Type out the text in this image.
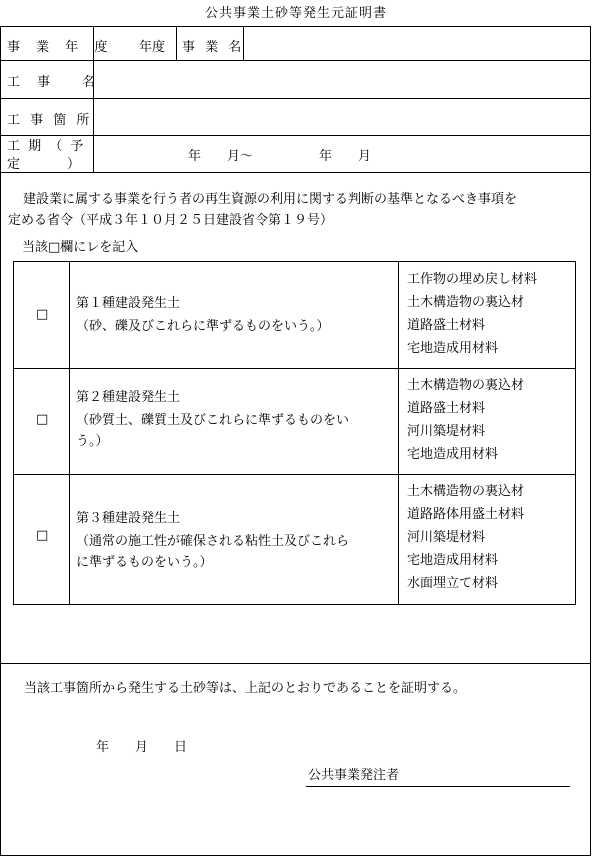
公共事業土砂等発生元証明書
事 業 年 度 年度 事 業 名
工　事　　名
工 事 箇 所
工 期 （ 予
定　　　）
年　　月～	年　　月
建設業に属する事業を行う者の再生資源の利用に関する判断の基準となるべき事項を
定める省令（平成３年１０月２５日建設省令第１９号）
当該□欄にレを記入
□
第１種建設発生土
（砂、礫及びこれらに準ずるものをいう。）
工作物の埋め戻し材料
土木構造物の裏込材
道路盛土材料
宅地造成用材料
□
第２種建設発生土
（砂質土、礫質土及びこれらに準ずるものをい
う。）
土木構造物の裏込材
道路盛土材料
河川築堤材料
宅地造成用材料
□
第３種建設発生土
（通常の施工性が確保される粘性土及びこれら
に準ずるものをいう。）
土木構造物の裏込材
道路路体用盛土材料
河川築堤材料
宅地造成用材料
水面埋立て材料
当該工事箇所から発生する土砂等は、上記のとおりであることを証明する。
年　　月　　日
公共事業発注者
